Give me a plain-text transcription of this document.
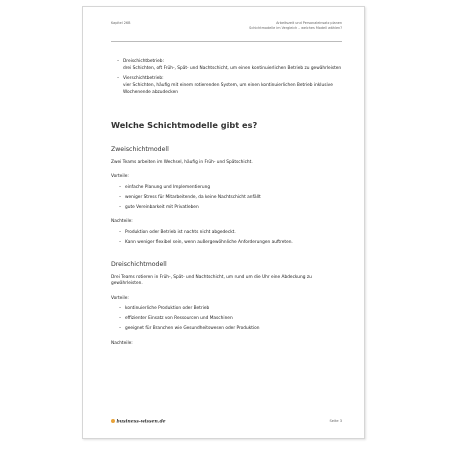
Kapitel 26B	Arbeitszeit und Personaleinsatz planen
Schichtmodelle im Vergleich – welches Modell wählen?
– Dreischichtbetrieb:
drei Schichten, oft Früh-, Spät- und Nachtschicht, um einen kontinuierlichen Betrieb zu gewährleisten
– Vierschichtbetrieb:
vier Schichten, häufig mit einem rotierenden System, um einen kontinuierlichen Betrieb inklusive Wochenende abzudecken
Welche Schichtmodelle gibt es?
Zweischichtmodell
Zwei Teams arbeiten im Wechsel, häufig in Früh- und Spätschicht.
Vorteile:
– einfache Planung und Implementierung
– weniger Stress für Mitarbeitende, da keine Nachtschicht anfällt
– gute Vereinbarkeit mit Privatleben
Nachteile:
– Produktion oder Betrieb ist nachts nicht abgedeckt.
– Kann weniger flexibel sein, wenn außergewöhnliche Anforderungen auftreten.
Dreischichtmodell
Drei Teams rotieren in Früh-, Spät- und Nachtschicht, um rund um die Uhr eine Abdeckung zu gewährleisten.
Vorteile:
– kontinuierliche Produktion oder Betrieb
– effizienter Einsatz von Ressourcen und Maschinen
– geeignet für Branchen wie Gesundheitswesen oder Produktion
Nachteile:
business-wissen.de	Seite 3
